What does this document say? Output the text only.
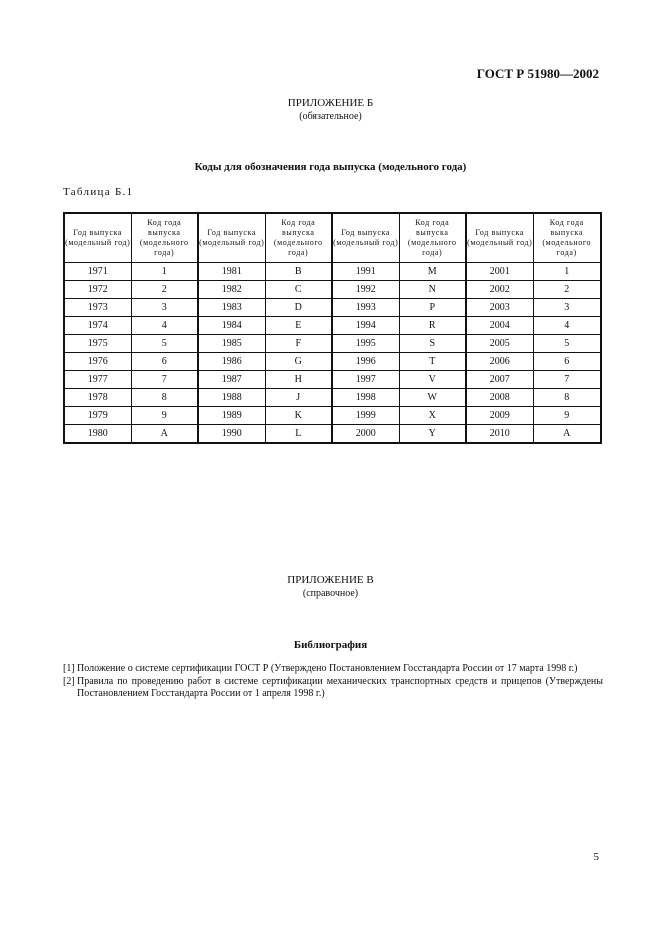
ГОСТ Р 51980—2002
ПРИЛОЖЕНИЕ Б
(обязательное)
Коды для обозначения года выпуска (модельного года)
Таблица Б.1
Год выпуска (модельный год)	Код года выпуска (модельного года)	Год выпуска (модельный год)	Код года выпуска (модельного года)	Год выпуска (модельный год)	Код года выпуска (модельного года)	Год выпуска (модельный год)	Код года выпуска (модельного года)
1971	1	1981	B	1991	M	2001	1
1972	2	1982	C	1992	N	2002	2
1973	3	1983	D	1993	P	2003	3
1974	4	1984	E	1994	R	2004	4
1975	5	1985	F	1995	S	2005	5
1976	6	1986	G	1996	T	2006	6
1977	7	1987	H	1997	V	2007	7
1978	8	1988	J	1998	W	2008	8
1979	9	1989	K	1999	X	2009	9
1980	A	1990	L	2000	Y	2010	A
ПРИЛОЖЕНИЕ В
(справочное)
Библиография
[1] Положение о системе сертификации ГОСТ Р (Утверждено Постановлением Госстандарта России от 17 марта 1998 г.)
[2] Правила по проведению работ в системе сертификации механических транспортных средств и прицепов (Утверждены Постановлением Госстандарта России от 1 апреля 1998 г.)
5
